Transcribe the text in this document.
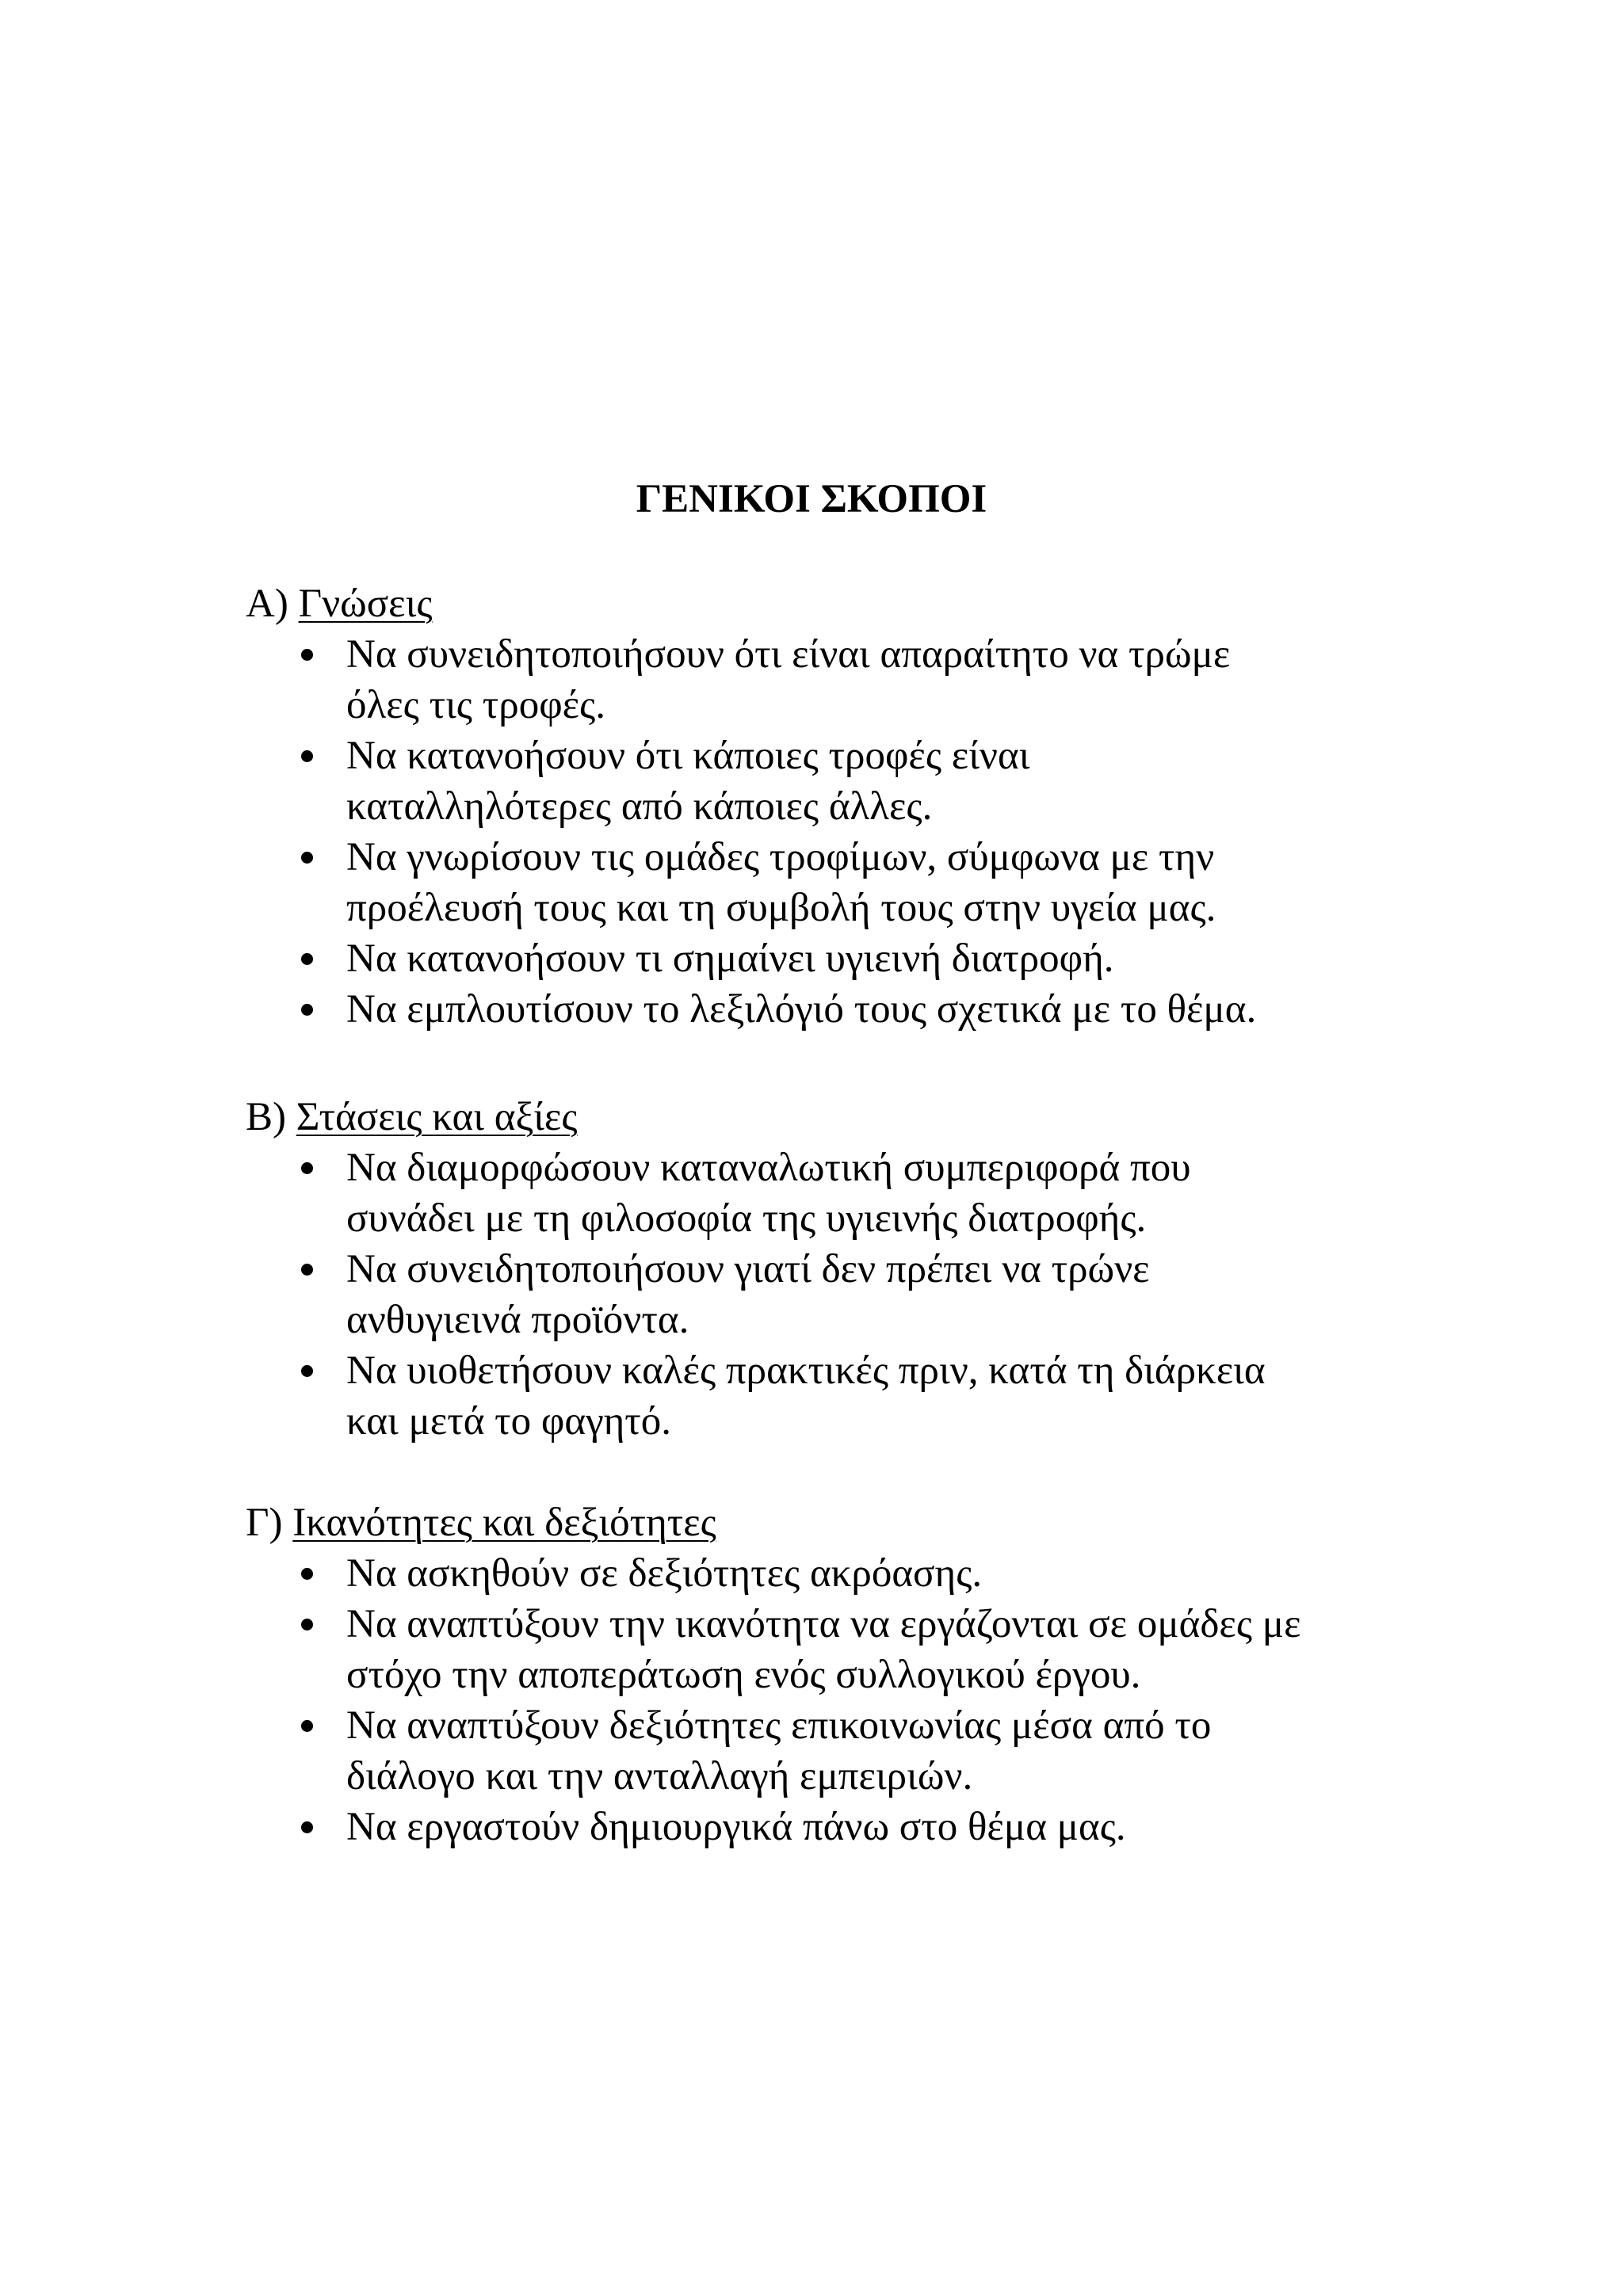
ΓΕΝΙΚΟΙ ΣΚΟΠΟΙ

Α) Γνώσεις

Να συνειδητοποιήσουν ότι είναι απαραίτητο να τρώμε
όλες τις τροφές.
Να κατανοήσουν ότι κάποιες τροφές είναι
καταλληλότερες από κάποιες άλλες.
Να γνωρίσουν τις ομάδες τροφίμων, σύμφωνα με την
προέλευσή τους και τη συμβολή τους στην υγεία μας.
Να κατανοήσουν τι σημαίνει υγιεινή διατροφή.
Να εμπλουτίσουν το λεξιλόγιό τους σχετικά με το θέμα.

Β) Στάσεις και αξίες

Να διαμορφώσουν καταναλωτική συμπεριφορά που
συνάδει με τη φιλοσοφία της υγιεινής διατροφής.
Να συνειδητοποιήσουν γιατί δεν πρέπει να τρώνε
ανθυγιεινά προϊόντα.
Να υιοθετήσουν καλές πρακτικές πριν, κατά τη διάρκεια
και μετά το φαγητό.

Γ) Ικανότητες και δεξιότητες

Να ασκηθούν σε δεξιότητες ακρόασης.
Να αναπτύξουν την ικανότητα να εργάζονται σε ομάδες με
στόχο την αποπεράτωση ενός συλλογικού έργου.
Να αναπτύξουν δεξιότητες επικοινωνίας μέσα από το
διάλογο και την ανταλλαγή εμπειριών.
Να εργαστούν δημιουργικά πάνω στο θέμα μας.
